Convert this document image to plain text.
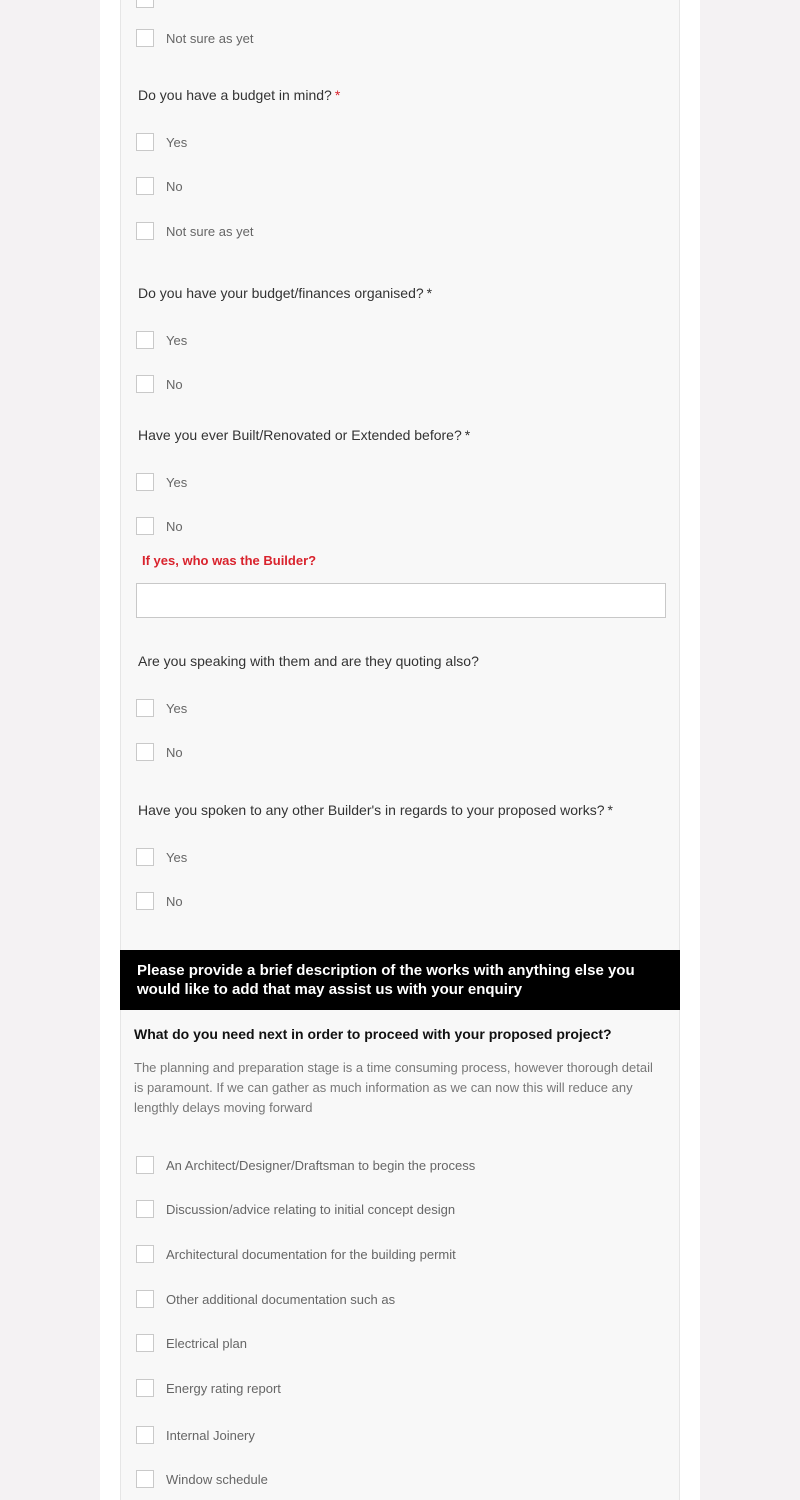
Not sure as yet
Do you have a budget in mind? *
Yes
No
Not sure as yet
Do you have your budget/finances organised? *
Yes
No
Have you ever Built/Renovated or Extended before? *
Yes
No
If yes, who was the Builder?
Are you speaking with them and are they quoting also?
Yes
No
Have you spoken to any other Builder's in regards to your proposed works? *
Yes
No
Please provide a brief description of the works with anything else you would like to add that may assist us with your enquiry
What do you need next in order to proceed with your proposed project?
The planning and preparation stage is a time consuming process, however thorough detail is paramount. If we can gather as much information as we can now this will reduce any lengthly delays moving forward
An Architect/Designer/Draftsman to begin the process
Discussion/advice relating to initial concept design
Architectural documentation for the building permit
Other additional documentation such as
Electrical plan
Energy rating report
Internal Joinery
Window schedule
